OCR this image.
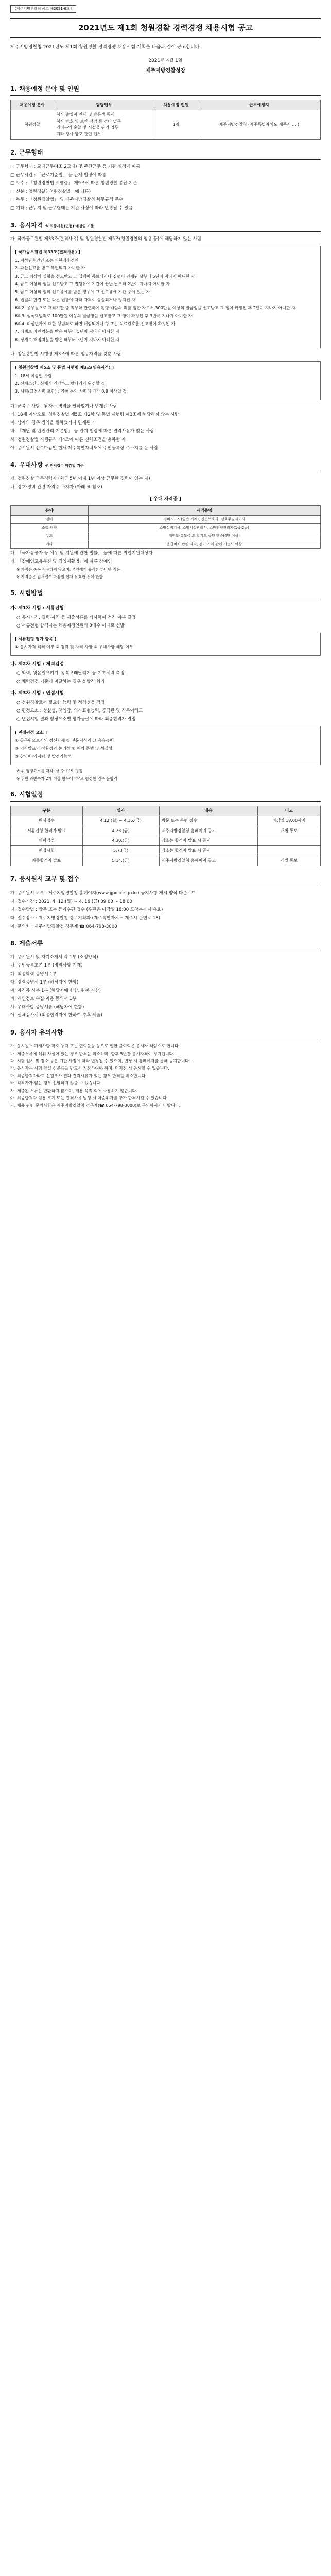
【제주지방경찰청 공고 제2021-6호】
2021년도 제1회 청원경찰 경력경쟁 채용시험 공고
제주지방경찰청 2021년도 제1회 청원경찰 경력경쟁 채용시험 계획을 다음과 같이 공고합니다.
2021년 4월 1일
제주지방경찰청장
1. 채용예정 분야 및 인원
채용예정 분야	담당업무	채용예정 인원	근무예정지
청원경찰	청사 출입자 안내 및 방문객 통제
청사 방호 및 보안 점검 등 경비 업무
경비구역 순찰 및 시설물 관리 업무
기타 청사 방호 관련 업무	1명	제주지방경찰청 (제주특별자치도 제주시 … )
2. 근무형태
□ 근무형태 : 교대근무(4조 2교대) 및 주간근무 등 기관 실정에 따름
□ 근무시간 : 「근로기준법」 등 관계 법령에 따름
□ 보수 : 「청원경찰법 시행령」 제9조에 따른 청원경찰 봉급 기준
□ 신분 : 청원경찰(「청원경찰법」에 따름)
□ 복무 : 「청원경찰법」 및 제주지방경찰청 복무규정 준수
□ 기타 : 근무지 및 근무형태는 기관 사정에 따라 변경될 수 있음
3. 응시자격 ※ 최종시험(면접) 예정일 기준
가. 국가공무원법 제33조(결격사유) 및 청원경찰법 제5조(청원경찰의 임용 등)에 해당하지 않는 사람

[ 국가공무원법 제33조(결격사유) ]

1. 피성년후견인 또는 피한정후견인

2. 파산선고를 받고 복권되지 아니한 자

3. 금고 이상의 실형을 선고받고 그 집행이 종료되거나 집행이 면제된 날부터 5년이 지나지 아니한 자

4. 금고 이상의 형을 선고받고 그 집행유예 기간이 끝난 날부터 2년이 지나지 아니한 자

5. 금고 이상의 형의 선고유예를 받은 경우에 그 선고유예 기간 중에 있는 자

6. 법원의 판결 또는 다른 법률에 따라 자격이 상실되거나 정지된 자

6의2. 공무원으로 재직기간 중 직무와 관련하여 횡령·배임의 죄를 범한 자로서 300만원 이상의 벌금형을 선고받고 그 형이 확정된 후 2년이 지나지 아니한 자

6의3. 성폭력범죄로 100만원 이상의 벌금형을 선고받고 그 형이 확정된 후 3년이 지나지 아니한 자

6의4. 미성년자에 대한 성범죄로 파면·해임되거나 형 또는 치료감호를 선고받아 확정된 자

7. 징계로 파면처분을 받은 때부터 5년이 지나지 아니한 자

8. 징계로 해임처분을 받은 때부터 3년이 지나지 아니한 자

나. 청원경찰법 시행령 제3조에 따른 임용자격을 갖춘 사람

[ 청원경찰법 제5조 및 동법 시행령 제3조(임용자격) ]

1. 18세 이상인 사람

2. 신체조건 : 신체가 건강하고 팔다리가 완전할 것

3. 시력(교정시력 포함) : 양쪽 눈의 시력이 각각 0.8 이상일 것

다. 군복무 사항 : 남자는 병역을 필하였거나 면제된 사람
라. 18세 이상으로, 청원경찰법 제5조 제2항 및 동법 시행령 제3조에 해당하지 않는 사람
마. 남자의 경우 병역을 필하였거나 면제된 자
바. 「재난 및 안전관리 기본법」 등 관계 법령에 따른 결격사유가 없는 사람
사. 청원경찰법 시행규칙 제4조에 따른 신체조건을 충족한 자
아. 응시원서 접수마감일 현재 제주특별자치도에 주민등록상 주소지를 둔 사람
4. 우대사항 ※ 원서접수 마감일 기준
가. 청원경찰 근무경력자 (최근 5년 이내 1년 이상 근무한 경력이 있는 자)
나. 경호·경비 관련 자격증 소지자 (아래 표 참조)
[ 우대 자격증 ]
분야	자격증명
경비	경비지도사(일반·기계), 신변보호사, 경호무술지도자
소방·안전	소방설비기사, 소방시설관리사, 소방안전관리자(1급·2급)
무도	태권도·유도·검도·합기도 공인 단증(4단 이상)
기타	응급처치 관련 자격, 전기·기계 관련 기능사 이상
다. 「국가유공자 등 예우 및 지원에 관한 법률」 등에 따른 취업지원대상자
라. 「장애인고용촉진 및 직업재활법」에 따른 장애인

※ 가점은 중복 적용하지 않으며, 본인에게 유리한 하나만 적용

※ 자격증은 원서접수 마감일 현재 유효한 것에 한함

5. 시험방법
가. 제1차 시험 : 서류전형
○ 응시자격, 경력·자격 등 제출서류를 심사하여 적격 여부 결정
○ 서류전형 합격자는 채용예정인원의 3배수 이내로 선발

[ 서류전형 평가 항목 ]

① 응시자격 적격 여부 ② 경력 및 자격 사항 ③ 우대사항 해당 여부

나. 제2차 시험 : 체력검정
○ 악력, 윗몸일으키기, 왕복오래달리기 등 기초체력 측정
○ 체력검정 기준에 미달하는 경우 불합격 처리
다. 제3차 시험 : 면접시험
○ 청원경찰로서 필요한 능력 및 적격성을 검정
○ 평정요소 : 성실성, 책임감, 의사표현능력, 공직관 및 직무이해도
○ 면접시험 결과 평정요소별 평가등급에 따라 최종합격자 결정

[ 면접평정 요소 ]

① 공무원으로서의 정신자세 ② 전문지식과 그 응용능력

③ 의사발표의 정확성과 논리성 ④ 예의·품행 및 성실성

⑤ 창의력·의지력 및 발전가능성

※ 위 평정요소를 각각 '상·중·하'로 평정

※ 위원 과반수가 2개 이상 항목에 '하'로 평정한 경우 불합격

6. 시험일정
구분	일자	내용	비고
원서접수	4.12.(월) ~ 4.16.(금)	방문 또는 우편 접수	마감일 18:00까지
서류전형 합격자 발표	4.23.(금)	제주지방경찰청 홈페이지 공고	개별 통보
체력검정	4.30.(금)	장소는 합격자 발표 시 공지	
면접시험	5.7.(금)	장소는 합격자 발표 시 공지	
최종합격자 발표	5.14.(금)	제주지방경찰청 홈페이지 공고	개별 통보
7. 응시원서 교부 및 접수
가. 응시원서 교부 : 제주지방경찰청 홈페이지(www.jjpolice.go.kr) 공지사항 게시 양식 다운로드
나. 접수기간 : 2021. 4. 12.(월) ~ 4. 16.(금) 09:00 ~ 18:00
다. 접수방법 : 방문 또는 등기우편 접수 (우편은 마감일 18:00 도착분까지 유효)
라. 접수장소 : 제주지방경찰청 경무기획과 (제주특별자치도 제주시 문연로 18)
마. 문의처 : 제주지방경찰청 경무계 ☎ 064-798-3000
8. 제출서류
가. 응시원서 및 자기소개서 각 1부 (소정양식)
나. 주민등록초본 1부 (병역사항 기재)
다. 최종학력 증명서 1부
라. 경력증명서 1부 (해당자에 한함)
마. 자격증 사본 1부 (해당자에 한함, 원본 지참)
바. 개인정보 수집·이용 동의서 1부
사. 우대사항 증빙서류 (해당자에 한함)
아. 신체검사서 (최종합격자에 한하여 추후 제출)
9. 응시자 유의사항

가. 응시원서 기재사항 착오·누락 또는 연락불능 등으로 인한 불이익은 응시자 책임으로 합니다.

나. 제출서류에 허위 사실이 있는 경우 합격을 취소하며, 향후 5년간 응시자격이 정지됩니다.

다. 시험 일시 및 장소 등은 기관 사정에 따라 변경될 수 있으며, 변경 시 홈페이지를 통해 공지합니다.

라. 응시자는 시험 당일 신분증을 반드시 지참하여야 하며, 미지참 시 응시할 수 없습니다.

마. 최종합격자라도 신원조사 결과 결격사유가 있는 경우 합격을 취소합니다.

바. 적격자가 없는 경우 선발하지 않을 수 있습니다.

사. 제출된 서류는 반환하지 않으며, 채용 목적 외에 사용하지 않습니다.

아. 최종합격자 임용 포기 또는 결격사유 발생 시 차순위자를 추가 합격시킬 수 있습니다.

자. 채용 관련 문의사항은 제주지방경찰청 경무계(☎ 064-798-3000)로 문의하시기 바랍니다.
